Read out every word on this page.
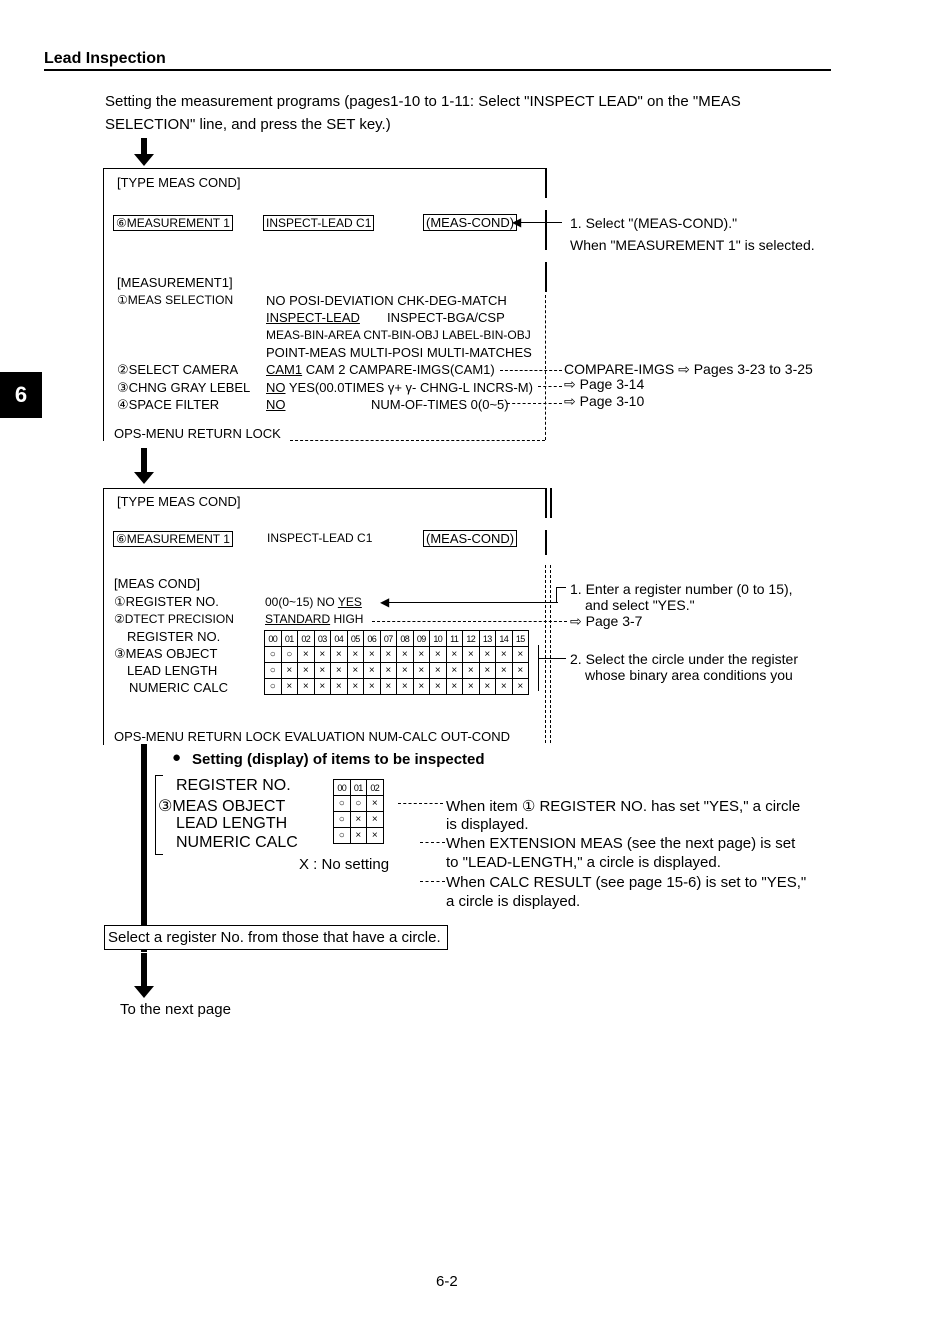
Lead Inspection
6
Setting the measurement programs (pages1-10 to 1-11: Select "INSPECT LEAD" on the "MEAS
SELECTION" line, and press the SET key.)
[TYPE MEAS COND]
⑥MEASUREMENT 1	INSPECT-LEAD C1	(MEAS-COND)
[MEASUREMENT1]
①MEAS SELECTION	NO POSI-DEVIATION CHK-DEG-MATCH
INSPECT-LEAD INSPECT-BGA/CSP
MEAS-BIN-AREA CNT-BIN-OBJ LABEL-BIN-OBJ
POINT-MEAS MULTI-POSI MULTI-MATCHES
②SELECT CAMERA CAM1 CAM 2 CAMPARE-IMGS(CAM1)
③CHNG GRAY LEBEL NO YES(00.0TIMES γ+ γ- CHNG-L INCRS-M)
④SPACE FILTER	NO	NUM-OF-TIMES 0(0~5)
OPS-MENU RETURN LOCK
◀	1. Select "(MEAS-COND)."
When "MEASUREMENT 1" is selected.
COMPARE-IMGS ⇨ Pages 3-23 to 3-25
⇨ Page 3-14
⇨ Page 3-10
[TYPE MEAS COND]
⑥MEASUREMENT 1	INSPECT-LEAD C1	(MEAS-COND)
[MEAS COND]
①REGISTER NO.	00(0~15) NO YES
②DTECT PRECISION	STANDARD HIGH
REGISTER NO.
③MEAS OBJECT
LEAD LENGTH
NUMERIC CALC
00	01	02	03	04	05	06	07	08	09	10	11	12	13	14	15
○	○	×	×	×	×	×	×	×	×	×	×	×	×	×	×
○	×	×	×	×	×	×	×	×	×	×	×	×	×	×	×
○	×	×	×	×	×	×	×	×	×	×	×	×	×	×	×
OPS-MENU RETURN LOCK EVALUATION NUM-CALC OUT-COND
◀
1. Enter a register number (0 to 15),
and select "YES."
⇨ Page 3-7
2. Select the circle under the register
whose binary area conditions you
● Setting (display) of items to be inspected
REGISTER NO.
③MEAS OBJECT
LEAD LENGTH
NUMERIC CALC
00	01	02
○	○	×
○	×	×
○	×	×
X : No setting
When item ① REGISTER NO. has set "YES," a circle
is displayed.
When EXTENSION MEAS (see the next page) is set
to "LEAD-LENGTH," a circle is displayed.
When CALC RESULT (see page 15-6) is set to "YES,"
a circle is displayed.
Select a register No. from those that have a circle.
To the next page
6-2
